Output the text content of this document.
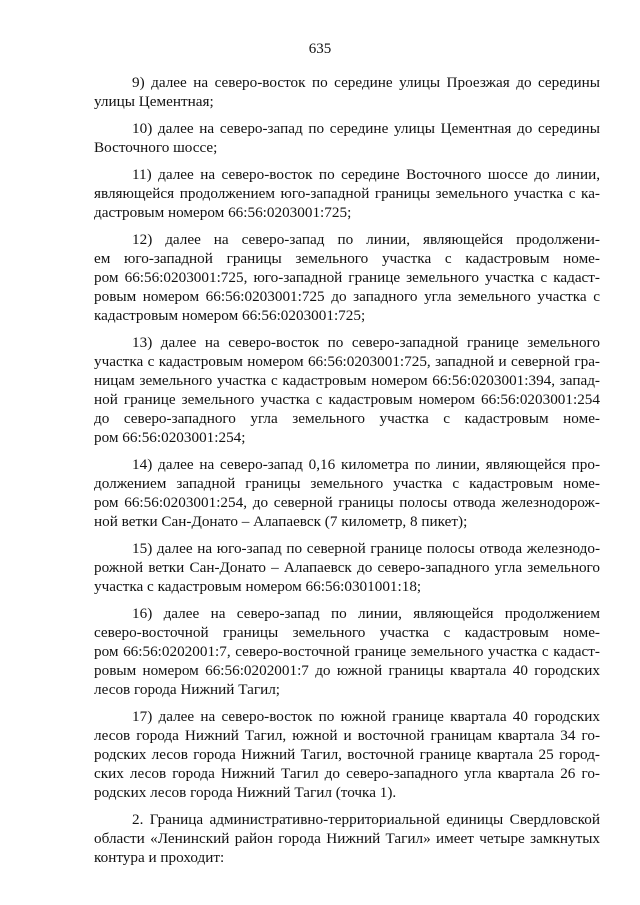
635

9) далее на северо-восток по середине улицы Проезжая до середины
улицы Цементная;

10) далее на северо-запад по середине улицы Цементная до середины
Восточного шоссе;

11) далее на северо-восток по середине Восточного шоссе до линии,
являющейся продолжением юго-западной границы земельного участка с ка-
дастровым номером 66:56:0203001:725;

12) далее на северо-запад по линии, являющейся продолжени-
ем юго-западной границы земельного участка с кадастровым номе-
ром 66:56:0203001:725, юго-западной границе земельного участка с кадаст-
ровым номером 66:56:0203001:725 до западного угла земельного участка с
кадастровым номером 66:56:0203001:725;

13) далее на северо-восток по северо-западной границе земельного
участка с кадастровым номером 66:56:0203001:725, западной и северной гра-
ницам земельного участка с кадастровым номером 66:56:0203001:394, запад-
ной границе земельного участка с кадастровым номером 66:56:0203001:254
до северо-западного угла земельного участка с кадастровым номе-
ром 66:56:0203001:254;

14) далее на северо-запад 0,16 километра по линии, являющейся про-
должением западной границы земельного участка с кадастровым номе-
ром 66:56:0203001:254, до северной границы полосы отвода железнодорож-
ной ветки Сан-Донато – Алапаевск (7 километр, 8 пикет);

15) далее на юго-запад по северной границе полосы отвода железнодо-
рожной ветки Сан-Донато – Алапаевск до северо-западного угла земельного
участка с кадастровым номером 66:56:0301001:18;

16) далее на северо-запад по линии, являющейся продолжением
северо-восточной границы земельного участка с кадастровым номе-
ром 66:56:0202001:7, северо-восточной границе земельного участка с кадаст-
ровым номером 66:56:0202001:7 до южной границы квартала 40 городских
лесов города Нижний Тагил;

17) далее на северо-восток по южной границе квартала 40 городских
лесов города Нижний Тагил, южной и восточной границам квартала 34 го-
родских лесов города Нижний Тагил, восточной границе квартала 25 город-
ских лесов города Нижний Тагил до северо-западного угла квартала 26 го-
родских лесов города Нижний Тагил (точка 1).

2. Граница административно-территориальной единицы Свердловской
области «Ленинский район города Нижний Тагил» имеет четыре замкнутых
контура и проходит:
